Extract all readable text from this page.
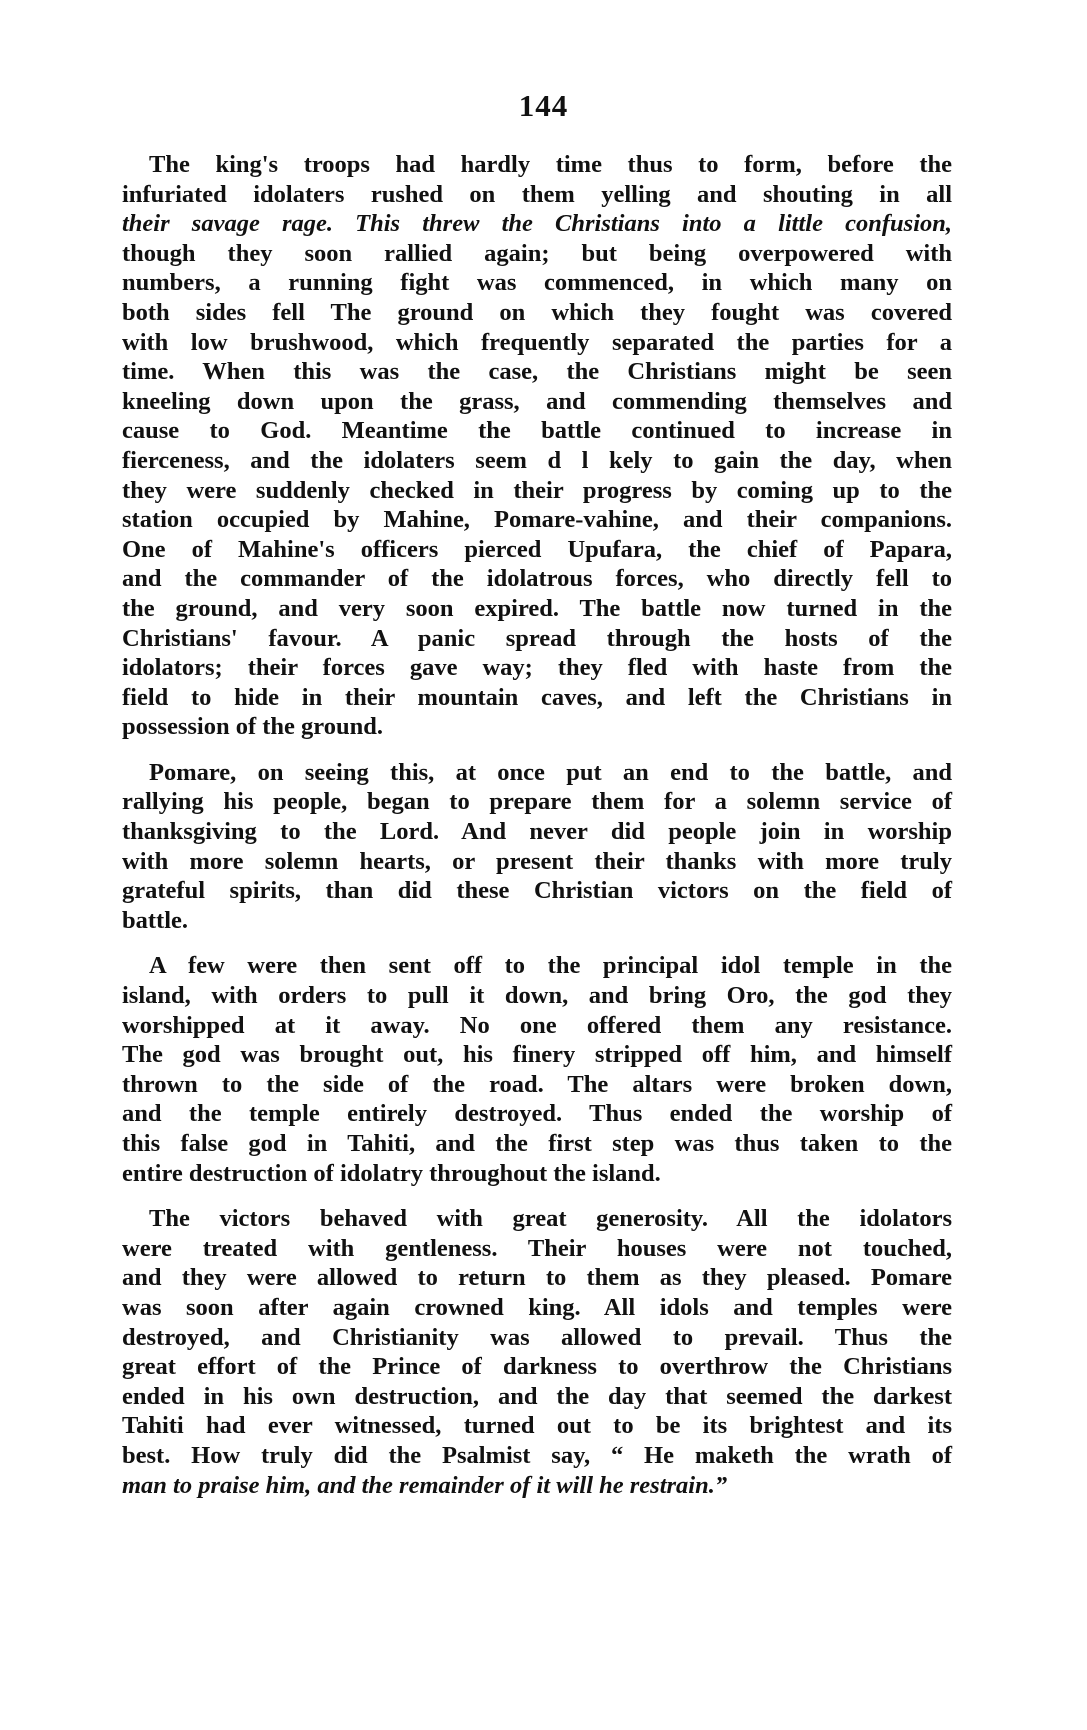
144
The king's troops had hardly time thus to form, before the
infuriated idolaters rushed on them yelling and shouting in all
their savage rage. This threw the Christians into a little confusion,
though they soon rallied again; but being overpowered with
numbers, a running fight was commenced, in which many on
both sides fell The ground on which they fought was covered
with low brushwood, which frequently separated the parties for a
time. When this was the case, the Christians might be seen
kneeling down upon the grass, and commending themselves and
cause to God. Meantime the battle continued to increase in
fierceness, and the idolaters seem d l kely to gain the day, when
they were suddenly checked in their progress by coming up to the
station occupied by Mahine, Pomare-vahine, and their companions.
One of Mahine's officers pierced Upufara, the chief of Papara,
and the commander of the idolatrous forces, who directly fell to
the ground, and very soon expired. The battle now turned in the
Christians' favour. A panic spread through the hosts of the
idolators; their forces gave way; they fled with haste from the
field to hide in their mountain caves, and left the Christians in
possession of the ground.
Pomare, on seeing this, at once put an end to the battle, and
rallying his people, began to prepare them for a solemn service of
thanksgiving to the Lord. And never did people join in worship
with more solemn hearts, or present their thanks with more truly
grateful spirits, than did these Christian victors on the field of
battle.
A few were then sent off to the principal idol temple in the
island, with orders to pull it down, and bring Oro, the god they
worshipped at it away. No one offered them any resistance.
The god was brought out, his finery stripped off him, and himself
thrown to the side of the road. The altars were broken down,
and the temple entirely destroyed. Thus ended the worship of
this false god in Tahiti, and the first step was thus taken to the
entire destruction of idolatry throughout the island.
The victors behaved with great generosity. All the idolators
were treated with gentleness. Their houses were not touched,
and they were allowed to return to them as they pleased. Pomare
was soon after again crowned king. All idols and temples were
destroyed, and Christianity was allowed to prevail. Thus the
great effort of the Prince of darkness to overthrow the Christians
ended in his own destruction, and the day that seemed the darkest
Tahiti had ever witnessed, turned out to be its brightest and its
best. How truly did the Psalmist say, “ He maketh the wrath of
man to praise him, and the remainder of it will he restrain.”
